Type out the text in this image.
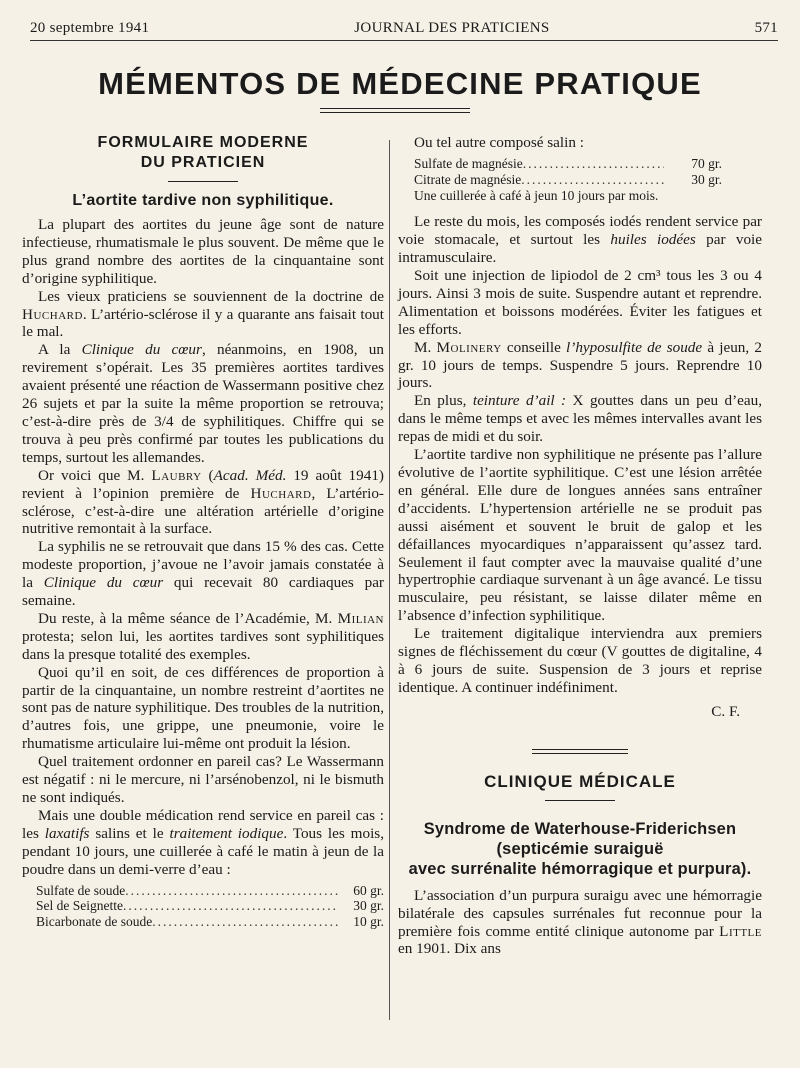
20 septembre 1941	JOURNAL DES PRATICIENS	571
MÉMENTOS DE MÉDECINE PRATIQUE
FORMULAIRE MODERNE
DU PRATICIEN
L’aortite tardive non syphilitique.

La plupart des aortites du jeune âge sont de nature infectieuse, rhumatismale le plus souvent. De même que le plus grand nombre des aortites de la cinquantaine sont d’origine syphilitique.

Les vieux praticiens se souviennent de la doctrine de Huchard. L’artério-sclérose il y a quarante ans faisait tout le mal.

A la Clinique du cœur, néanmoins, en 1908, un revirement s’opérait. Les 35 premières aortites tardives avaient présenté une réaction de Wassermann positive chez 26 sujets et par la suite la même proportion se retrouva; c’est-à-dire près de 3/4 de syphilitiques. Chiffre qui se trouva à peu près confirmé par toutes les publications du temps, surtout les allemandes.

Or voici que M. Laubry (Acad. Méd. 19 août 1941) revient à l’opinion première de Huchard, L’artério-sclérose, c’est-à-dire une altération artérielle d’origine nutritive remontait à la surface.

La syphilis ne se retrouvait que dans 15 % des cas. Cette modeste proportion, j’avoue ne l’avoir jamais constatée à la Clinique du cœur qui recevait 80 cardiaques par semaine.

Du reste, à la même séance de l’Académie, M. Milian protesta; selon lui, les aortites tardives sont syphilitiques dans la presque totalité des exemples.

Quoi qu’il en soit, de ces différences de proportion à partir de la cinquantaine, un nombre restreint d’aortites ne sont pas de nature syphilitique. Des troubles de la nutrition, d’autres fois, une grippe, une pneumonie, voire le rhumatisme articulaire lui-même ont produit la lésion.

Quel traitement ordonner en pareil cas? Le Wassermann est négatif : ni le mercure, ni l’arsénobenzol, ni le bismuth ne sont indiqués.

Mais une double médication rend service en pareil cas : les laxatifs salins et le traitement iodique. Tous les mois, pendant 10 jours, une cuillerée à café le matin à jeun de la poudre dans un demi-verre d’eau :

Sulfate de soude .....	60 gr.
Sel de Seignette .....	30 gr.
Bicarbonate de soude .....	10 gr.

Ou tel autre composé salin :

Sulfate de magnésie .....	70 gr.
Citrate de magnésie .....	30 gr.
Une cuillerée à café à jeun 10 jours par mois.

Le reste du mois, les composés iodés rendent service par voie stomacale, et surtout les huiles iodées par voie intramusculaire.

Soit une injection de lipiodol de 2 cm³ tous les 3 ou 4 jours. Ainsi 3 mois de suite. Suspendre autant et reprendre. Alimentation et boissons modérées. Éviter les fatigues et les efforts.

M. Molinery conseille l’hyposulfite de soude à jeun, 2 gr. 10 jours de temps. Suspendre 5 jours. Reprendre 10 jours.

En plus, teinture d’ail : X gouttes dans un peu d’eau, dans le même temps et avec les mêmes intervalles avant les repas de midi et du soir.

L’aortite tardive non syphilitique ne présente pas l’allure évolutive de l’aortite syphilitique. C’est une lésion arrêtée en général. Elle dure de longues années sans entraîner d’accidents. L’hypertension artérielle ne se produit pas aussi aisément et souvent le bruit de galop et les défaillances myocardiques n’apparaissent qu’assez tard. Seulement il faut compter avec la mauvaise qualité d’une hypertrophie cardiaque survenant à un âge avancé. Le tissu musculaire, peu résistant, se laisse dilater même en l’absence d’infection syphilitique.

Le traitement digitalique interviendra aux premiers signes de fléchissement du cœur (V gouttes de digitaline, 4 à 6 jours de suite. Suspension de 3 jours et reprise identique. A continuer indéfiniment.

C. F.
CLINIQUE MÉDICALE
Syndrome de Waterhouse-Friderichsen
(septicémie suraiguë
avec surrénalite hémorragique et purpura).

L’association d’un purpura suraigu avec une hémorragie bilatérale des capsules surrénales fut reconnue pour la première fois comme entité clinique autonome par Little en 1901. Dix ans
